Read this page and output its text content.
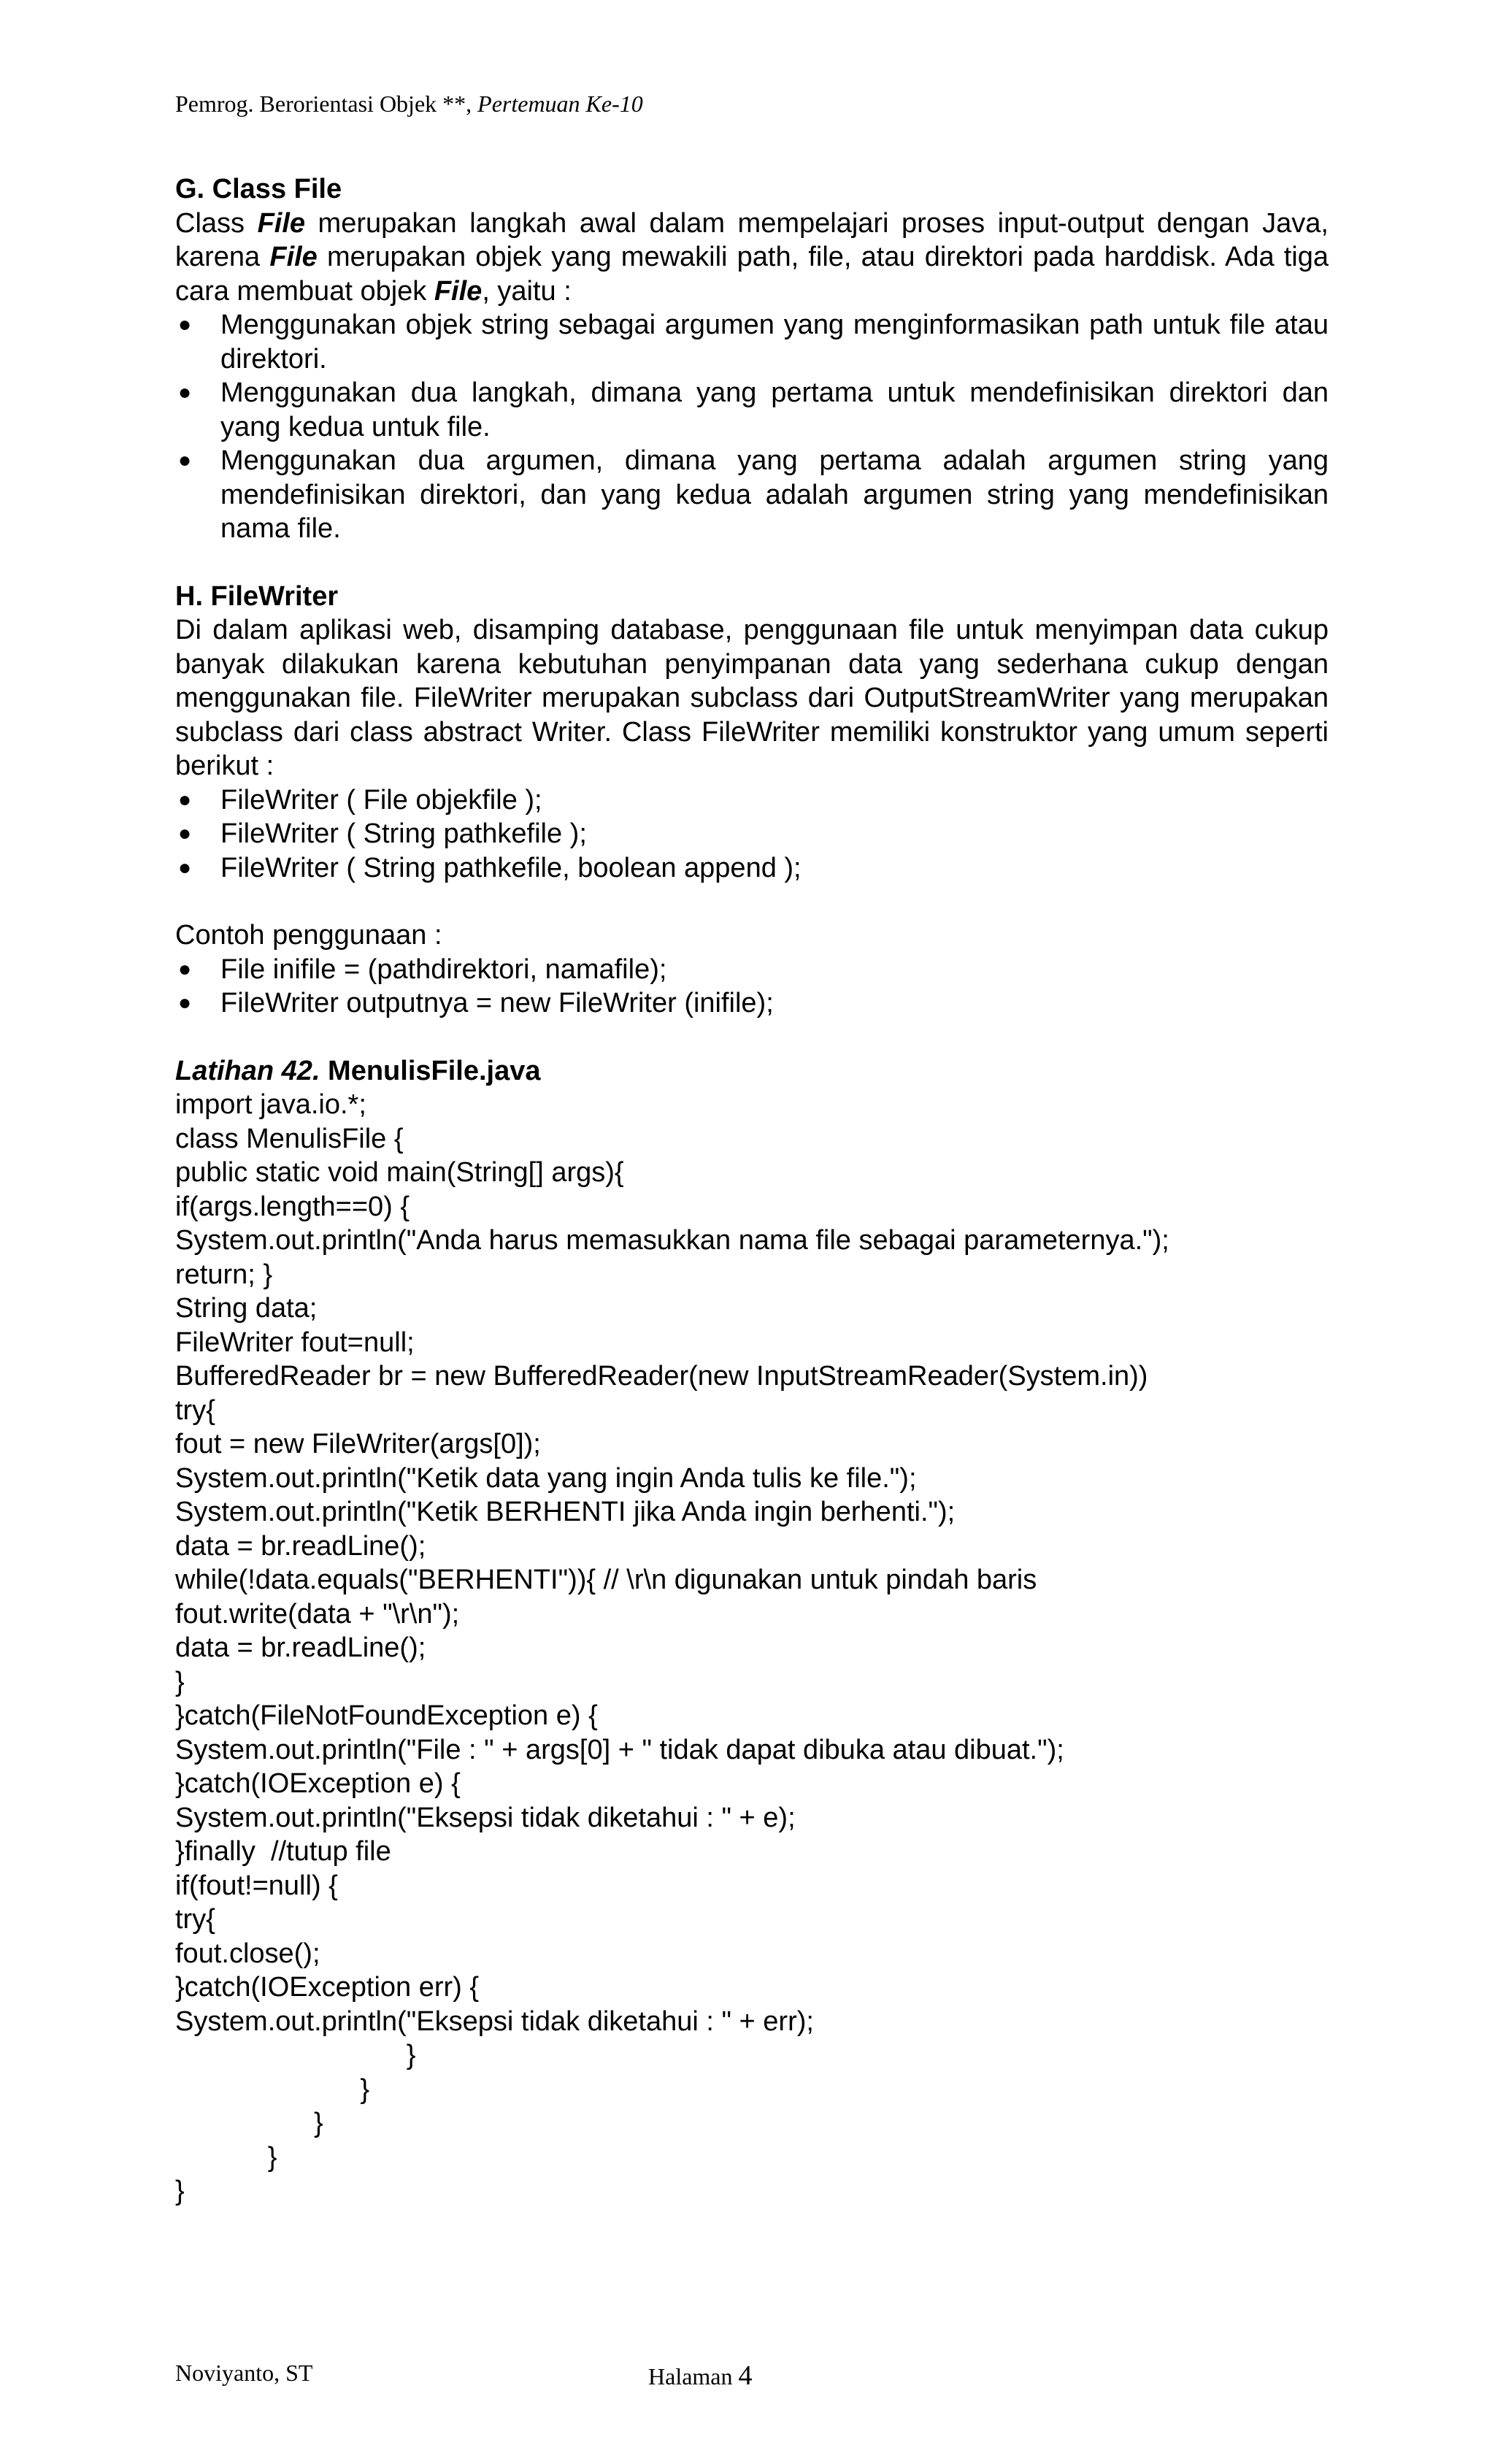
Pemrog. Berorientasi Objek **, Pertemuan Ke-10
G. Class File
Class File merupakan langkah awal dalam mempelajari proses input-output dengan Java, karena File merupakan objek yang mewakili path, file, atau direktori pada harddisk. Ada tiga cara membuat objek File, yaitu :
● Menggunakan objek string sebagai argumen yang menginformasikan path untuk file atau direktori.
● Menggunakan dua langkah, dimana yang pertama untuk mendefinisikan direktori dan yang kedua untuk file.
● Menggunakan dua argumen, dimana yang pertama adalah argumen string yang mendefinisikan direktori, dan yang kedua adalah argumen string yang mendefinisikan nama file.
H. FileWriter
Di dalam aplikasi web, disamping database, penggunaan file untuk menyimpan data cukup banyak dilakukan karena kebutuhan penyimpanan data yang sederhana cukup dengan menggunakan file. FileWriter merupakan subclass dari OutputStreamWriter yang merupakan subclass dari class abstract Writer. Class FileWriter memiliki konstruktor yang umum seperti berikut :
● FileWriter ( File objekfile );
● FileWriter ( String pathkefile );
● FileWriter ( String pathkefile, boolean append );
Contoh penggunaan :
● File inifile = (pathdirektori, namafile);
● FileWriter outputnya = new FileWriter (inifile);
Latihan 42. MenulisFile.java
import java.io.*;
class MenulisFile {
public static void main(String[] args){
if(args.length==0) {
System.out.println("Anda harus memasukkan nama file sebagai parameternya.");
return; }
String data;
FileWriter fout=null;
BufferedReader br = new BufferedReader(new InputStreamReader(System.in))
try{
fout = new FileWriter(args[0]);
System.out.println("Ketik data yang ingin Anda tulis ke file.");
System.out.println("Ketik BERHENTI jika Anda ingin berhenti.");
data = br.readLine();
while(!data.equals("BERHENTI")){ // \r\n digunakan untuk pindah baris
fout.write(data + "\r\n");
data = br.readLine();
}
}catch(FileNotFoundException e) {
System.out.println("File : " + args[0] + " tidak dapat dibuka atau dibuat.");
}catch(IOException e) {
System.out.println("Eksepsi tidak diketahui : " + e);
}finally  //tutup file
if(fout!=null) {
try{
fout.close();
}catch(IOException err) {
System.out.println("Eksepsi tidak diketahui : " + err);
}
}
}
}
}
Noviyanto, ST	Halaman 4
